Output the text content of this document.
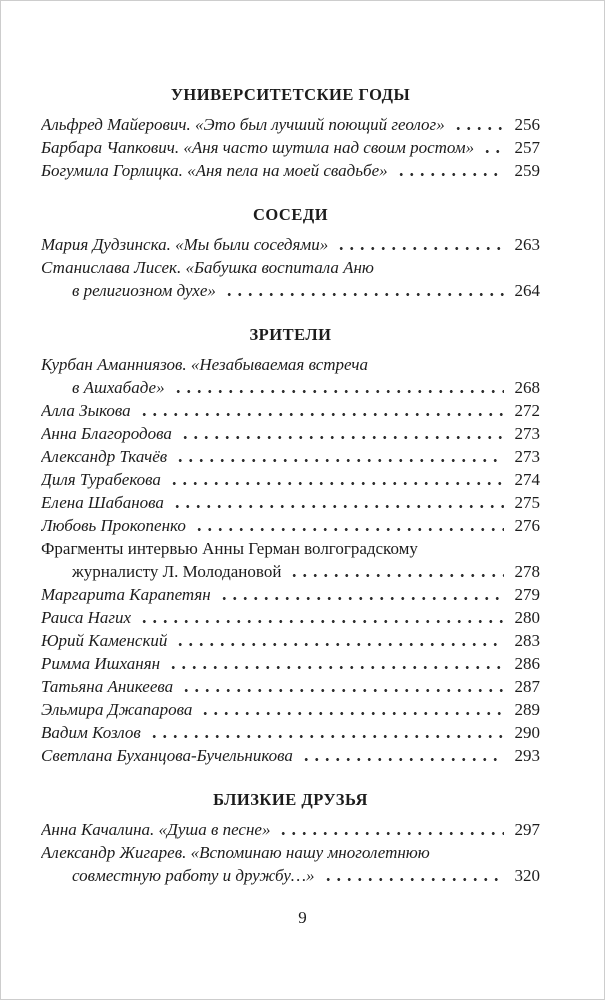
УНИВЕРСИТЕТСКИЕ ГОДЫ
Альфред Майерович. «Это был лучший поющий геолог»	256
Барбара Чапкович. «Аня часто шутила над своим ростом»	257
Богумила Горлицка. «Аня пела на моей свадьбе»	259
СОСЕДИ
Мария Дудзинска. «Мы были соседями»	263
Станислава Лисек. «Бабушка воспитала Аню
в религиозном духе»	264
ЗРИТЕЛИ
Курбан Аманниязов. «Незабываемая встреча
в Ашхабаде»	268
Алла Зыкова	272
Анна Благородова	273
Александр Ткачёв	273
Диля Турабекова	274
Елена Шабанова	275
Любовь Прокопенко	276
Фрагменты интервью Анны Герман волгоградскому
журналисту Л. Молодановой	278
Маргарита Карапетян	279
Раиса Нагих	280
Юрий Каменский	283
Римма Ишханян	286
Татьяна Аникеева	287
Эльмира Джапарова	289
Вадим Козлов	290
Светлана Буханцова-Бучельникова	293
БЛИЗКИЕ ДРУЗЬЯ
Анна Качалина. «Душа в песне»	297
Александр Жигарев. «Вспоминаю нашу многолетнюю
совместную работу и дружбу…»	320
9
